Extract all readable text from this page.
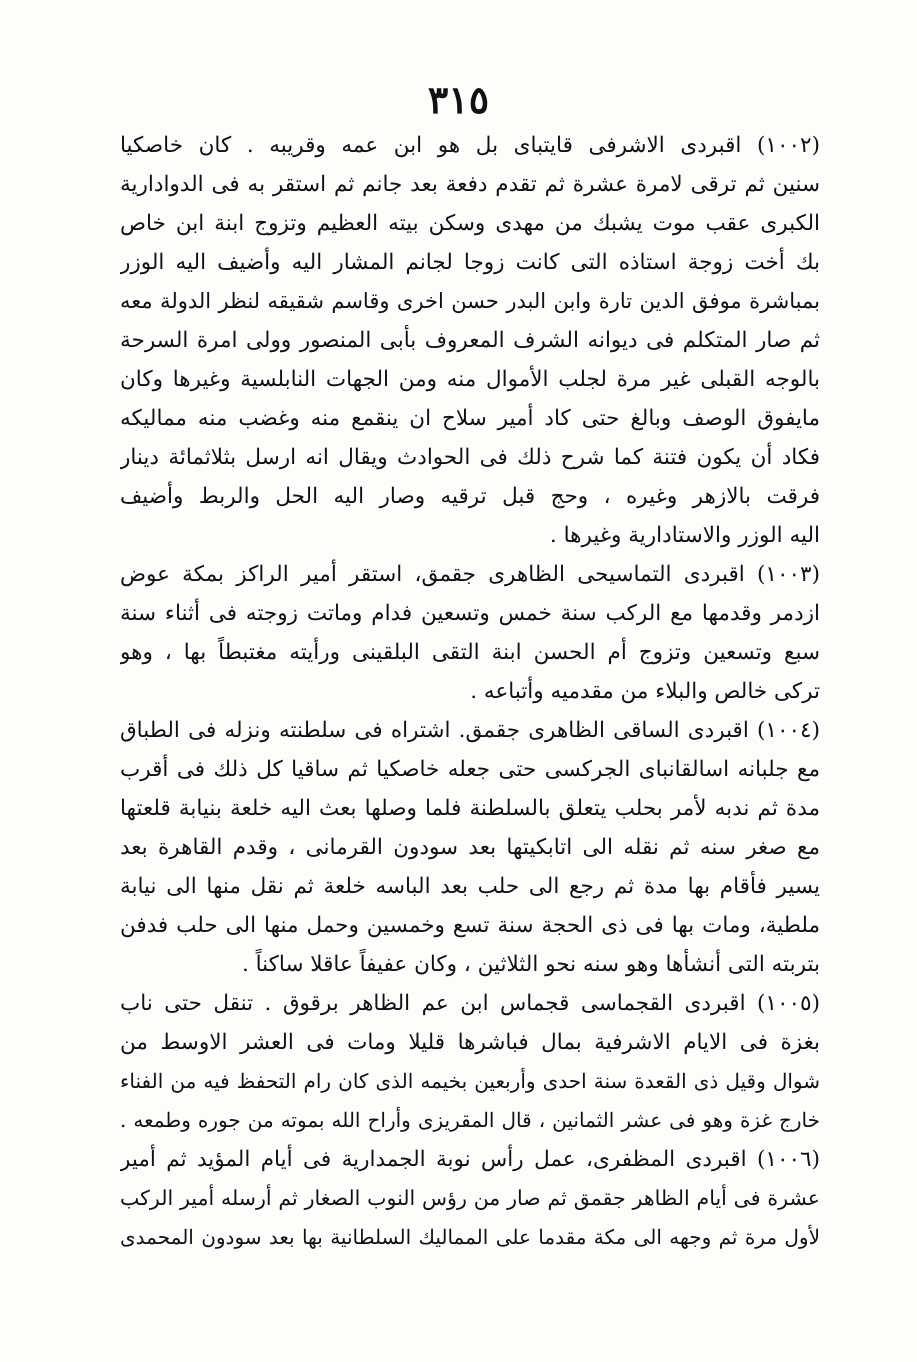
٣١٥
(١٠٠٢) اقبردى الاشرفى قايتباى بل هو ابن عمه وقريبه . كان خاصكيا
سنين ثم ترقى لامرة عشرة ثم تقدم دفعة بعد جانم ثم استقر به فى الدوادارية
الكبرى عقب موت يشبك من مهدى وسكن بيته العظيم وتزوج ابنة ابن خاص
بك أخت زوجة استاذه التى كانت زوجا لجانم المشار اليه وأضيف اليه الوزر
بمباشرة موفق الدين تارة وابن البدر حسن اخرى وقاسم شقيقه لنظر الدولة معه
ثم صار المتكلم فى ديوانه الشرف المعروف بأبى المنصور وولى امرة السرحة
بالوجه القبلى غير مرة لجلب الأموال منه ومن الجهات النابلسية وغيرها وكان
مايفوق الوصف وبالغ حتى كاد أمير سلاح ان ينقمع منه وغضب منه مماليكه
فكاد أن يكون فتنة كما شرح ذلك فى الحوادث ويقال انه ارسل بثلاثمائة دينار
فرقت بالازهر وغيره ، وحج قبل ترقيه وصار اليه الحل والربط وأضيف
اليه الوزر والاستادارية وغيرها .
(١٠٠٣) اقبردى التماسيحى الظاهرى جقمق، استقر أمير الراكز بمكة عوض
ازدمر وقدمها مع الركب سنة خمس وتسعين فدام وماتت زوجته فى أثناء سنة
سبع وتسعين وتزوج أم الحسن ابنة التقى البلقينى ورأيته مغتبطاً بها ، وهو
تركى خالص والبلاء من مقدميه وأتباعه .
(١٠٠٤) اقبردى الساقى الظاهرى جقمق. اشتراه فى سلطنته ونزله فى الطباق
مع جلبانه اسالقانباى الجركسى حتى جعله خاصكيا ثم ساقيا كل ذلك فى أقرب
مدة ثم ندبه لأمر بحلب يتعلق بالسلطنة فلما وصلها بعث اليه خلعة بنيابة قلعتها
مع صغر سنه ثم نقله الى اتابكيتها بعد سودون القرمانى ، وقدم القاهرة بعد
يسير فأقام بها مدة ثم رجع الى حلب بعد الباسه خلعة ثم نقل منها الى نيابة
ملطية، ومات بها فى ذى الحجة سنة تسع وخمسين وحمل منها الى حلب فدفن
بتربته التى أنشأها وهو سنه نحو الثلاثين ، وكان عفيفاً عاقلا ساكناً .
(١٠٠٥) اقبردى القجماسى قجماس ابن عم الظاهر برقوق . تنقل حتى ناب
بغزة فى الايام الاشرفية بمال فباشرها قليلا ومات فى العشر الاوسط من
شوال وقيل ذى القعدة سنة احدى وأربعين بخيمه الذى كان رام التحفظ فيه من الفناء
خارج غزة وهو فى عشر الثمانين ، قال المقريزى وأراح الله بموته من جوره وطمعه .
(١٠٠٦) اقبردى المظفرى، عمل رأس نوبة الجمدارية فى أيام المؤيد ثم أمير
عشرة فى أيام الظاهر جقمق ثم صار من رؤس النوب الصغار ثم أرسله أمير الركب
لأول مرة ثم وجهه الى مكة مقدما على المماليك السلطانية بها بعد سودون المحمدى
